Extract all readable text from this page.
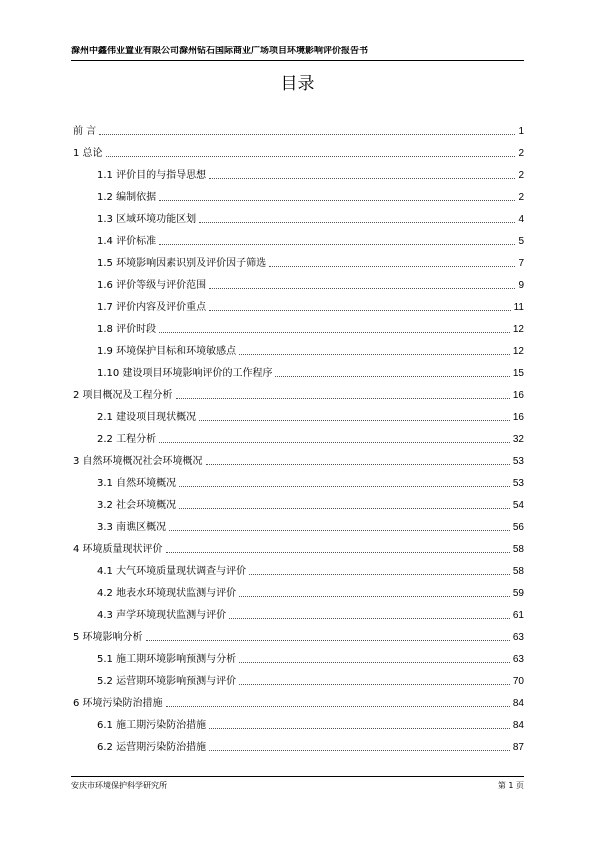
滁州中鑫伟业置业有限公司滁州钻石国际商业广场项目环境影响评价报告书
目录
前 言	1
1 总论	2
1.1 评价目的与指导思想	2
1.2 编制依据	2
1.3 区域环境功能区划	4
1.4 评价标准	5
1.5 环境影响因素识别及评价因子筛选	7
1.6 评价等级与评价范围	9
1.7 评价内容及评价重点	11
1.8 评价时段	12
1.9 环境保护目标和环境敏感点	12
1.10 建设项目环境影响评价的工作程序	15
2 项目概况及工程分析	16
2.1 建设项目现状概况	16
2.2 工程分析	32
3 自然环境概况社会环境概况	53
3.1 自然环境概况	53
3.2 社会环境概况	54
3.3 南谯区概况	56
4 环境质量现状评价	58
4.1 大气环境质量现状调查与评价	58
4.2 地表水环境现状监测与评价	59
4.3 声学环境现状监测与评价	61
5 环境影响分析	63
5.1 施工期环境影响预测与分析	63
5.2 运营期环境影响预测与评价	70
6 环境污染防治措施	84
6.1 施工期污染防治措施	84
6.2 运营期污染防治措施	87
安庆市环境保护科学研究所	第 1 页
